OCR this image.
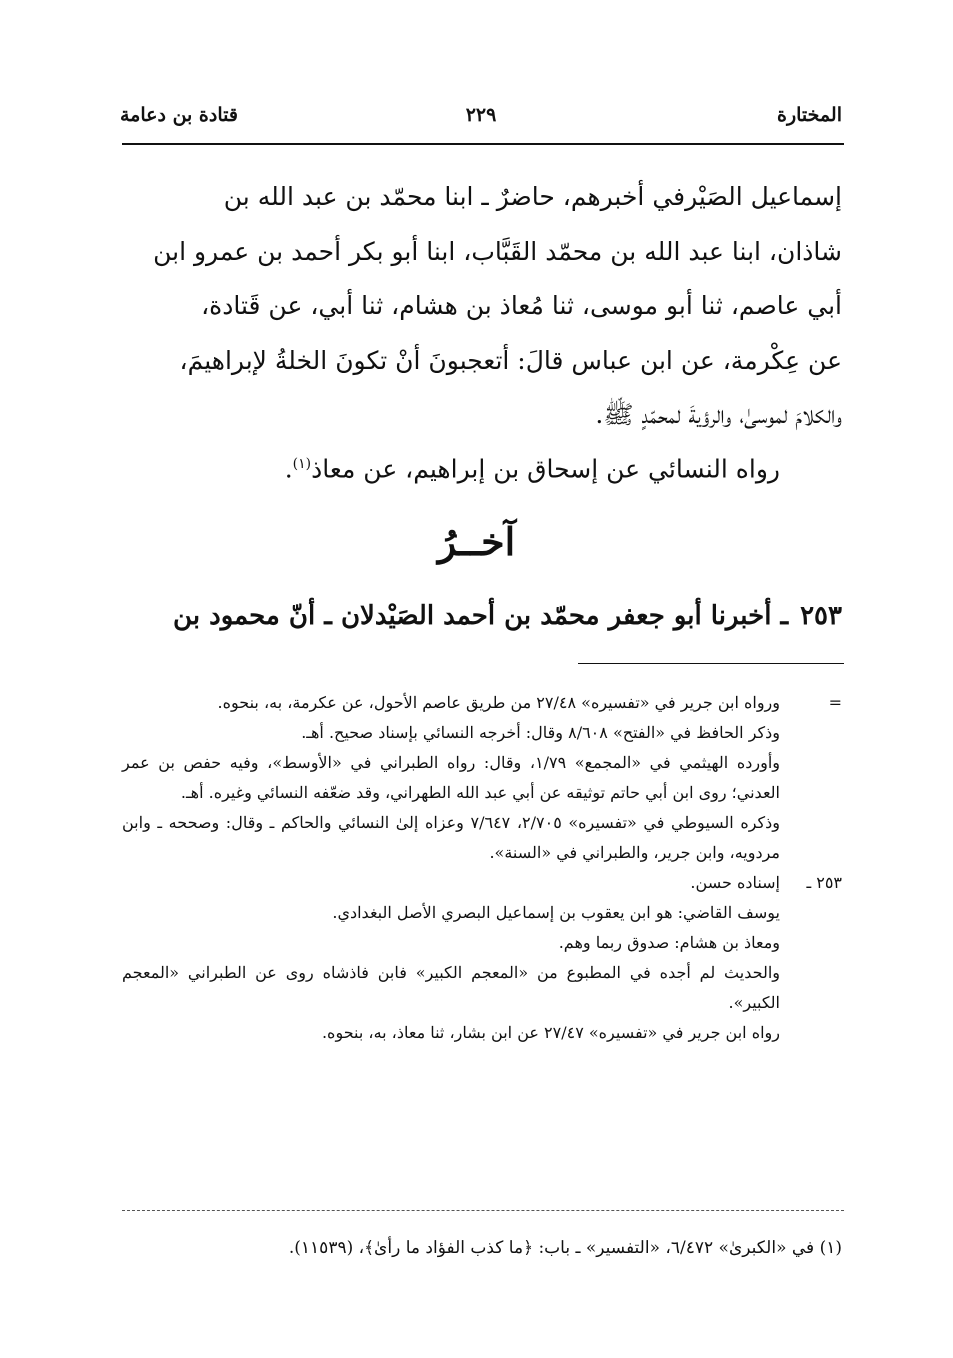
المختارة
٢٢٩
قتادة بن دعامة

إسماعيل الصَيْرفي أخبرهم، حاضرٌ ـ ابنا محمّد بن عبد الله بن

شاذان، ابنا عبد الله بن محمّد القَبَّاب، ابنا أبو بكر أحمد بن عمرو ابن

أبي عاصم، ثنا أبو موسى، ثنا مُعاذ بن هشام، ثنا أبي، عن قَتادة،

عن عِكْرمة، عن ابن عباس قالَ: أتعجبونَ أنْ تكونَ الخلةُ لإبراهيمَ،

والكلامَ لموسىٰ، والرؤيةَ لمحمّدٍ ﷺ.

رواه النسائي عن إسحاق بن إبراهيم، عن معاذ$^{(١)}$.
آخــرُ
٢٥٣ـ أخبرنا أبو جعفر محمّد بن أحمد الصَيْدلان ـ أنّ محمود بن
=
ورواه ابن جرير في «تفسيره» ٢٧/٤٨ من طريق عاصم الأحول، عن عكرمة، به، بنحوه.
وذكر الحافظ في «الفتح» ٨/٦٠٨ وقال: أخرجه النسائي بإسناد صحيح. أهـ.
وأورده الهيثمي في «المجمع» ١/٧٩، وقال: رواه الطبراني في «الأوسط»، وفيه حفص بن عمر العدني؛ روى ابن أبي حاتم توثيقه عن أبي عبد الله الطهراني، وقد ضعّفه النسائي وغيره. أهـ.
وذكره السيوطي في «تفسيره» ٢/٧٠٥، ٧/٦٤٧ وعزاه إلىٰ النسائي والحاكم ـ وقال: وصححه ـ وابن مردويه، وابن جرير، والطبراني في «السنة».
٢٥٣ ـ
إسناده حسن.
يوسف القاضي: هو ابن يعقوب بن إسماعيل البصري الأصل البغدادي.
ومعاذ بن هشام: صدوق ربما وهم.
والحديث لم أجده في المطبوع من «المعجم الكبير» فابن فاذشاه روى عن الطبراني «المعجم الكبير».
رواه ابن جرير في «تفسيره» ٢٧/٤٧ عن ابن بشار، ثنا معاذ، به، بنحوه.
(١) في «الكبرىٰ» ٦/٤٧٢، «التفسير» ـ باب: ﴿ما كذب الفؤاد ما رأىٰ﴾، (١١٥٣٩).
